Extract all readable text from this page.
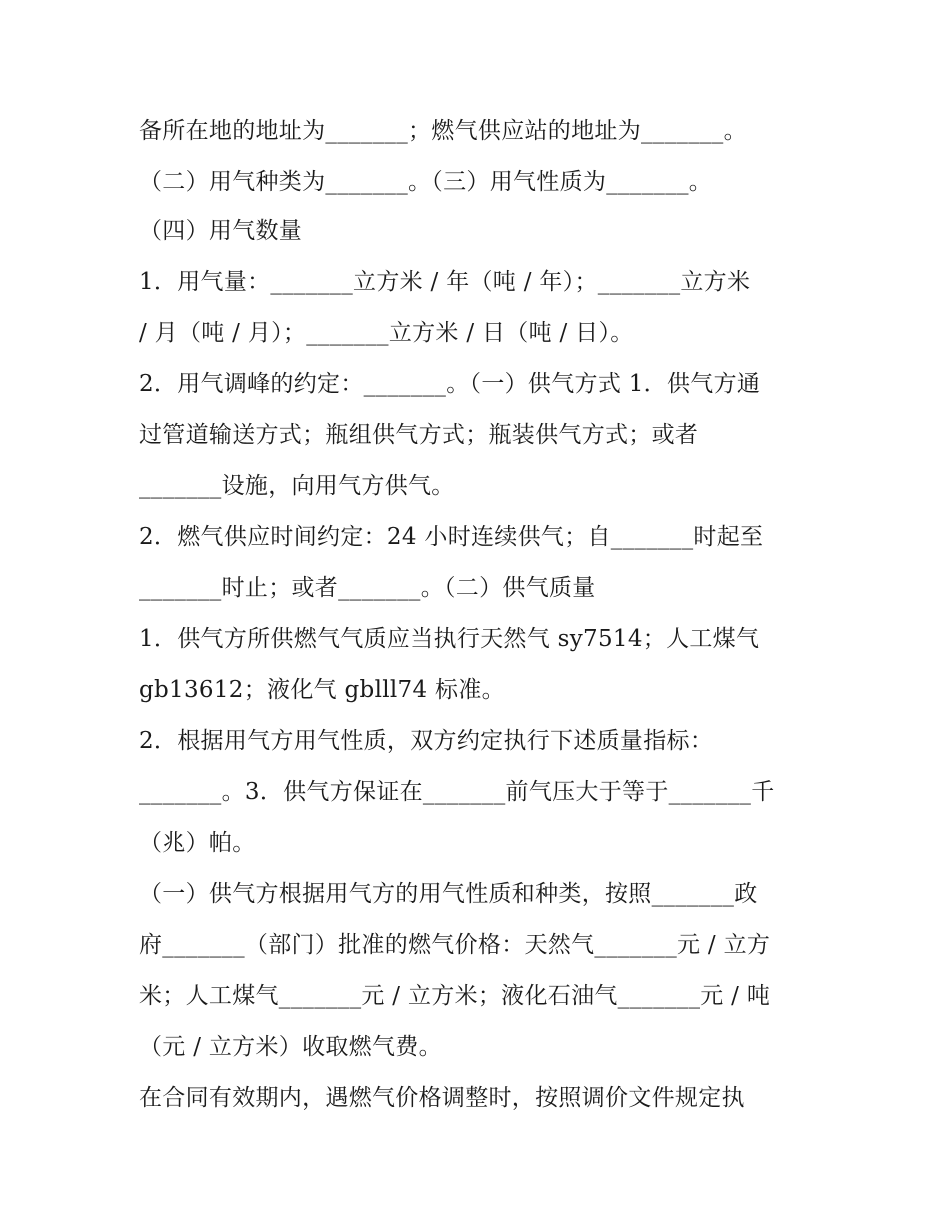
备所在地的地址为_______；燃气供应站的地址为_______。
（二）用气种类为_______。（三）用气性质为_______。
（四）用气数量
1．用气量：_______立方米 / 年（吨 / 年）；_______立方米
/ 月（吨 / 月）；_______立方米 / 日（吨 / 日）。
2．用气调峰的约定：_______。（一）供气方式 1．供气方通
过管道输送方式；瓶组供气方式；瓶装供气方式；或者
_______设施，向用气方供气。
2．燃气供应时间约定：24 小时连续供气；自_______时起至
_______时止；或者_______。（二）供气质量
1．供气方所供燃气气质应当执行天然气 sy7514；人工煤气
gb13612；液化气 gblll74 标准。
2．根据用气方用气性质，双方约定执行下述质量指标：
_______。3．供气方保证在_______前气压大于等于_______千
（兆）帕。
（一）供气方根据用气方的用气性质和种类，按照_______政
府_______（部门）批准的燃气价格：天然气_______元 / 立方
米；人工煤气_______元 / 立方米；液化石油气_______元 / 吨
（元 / 立方米）收取燃气费。
在合同有效期内，遇燃气价格调整时，按照调价文件规定执
